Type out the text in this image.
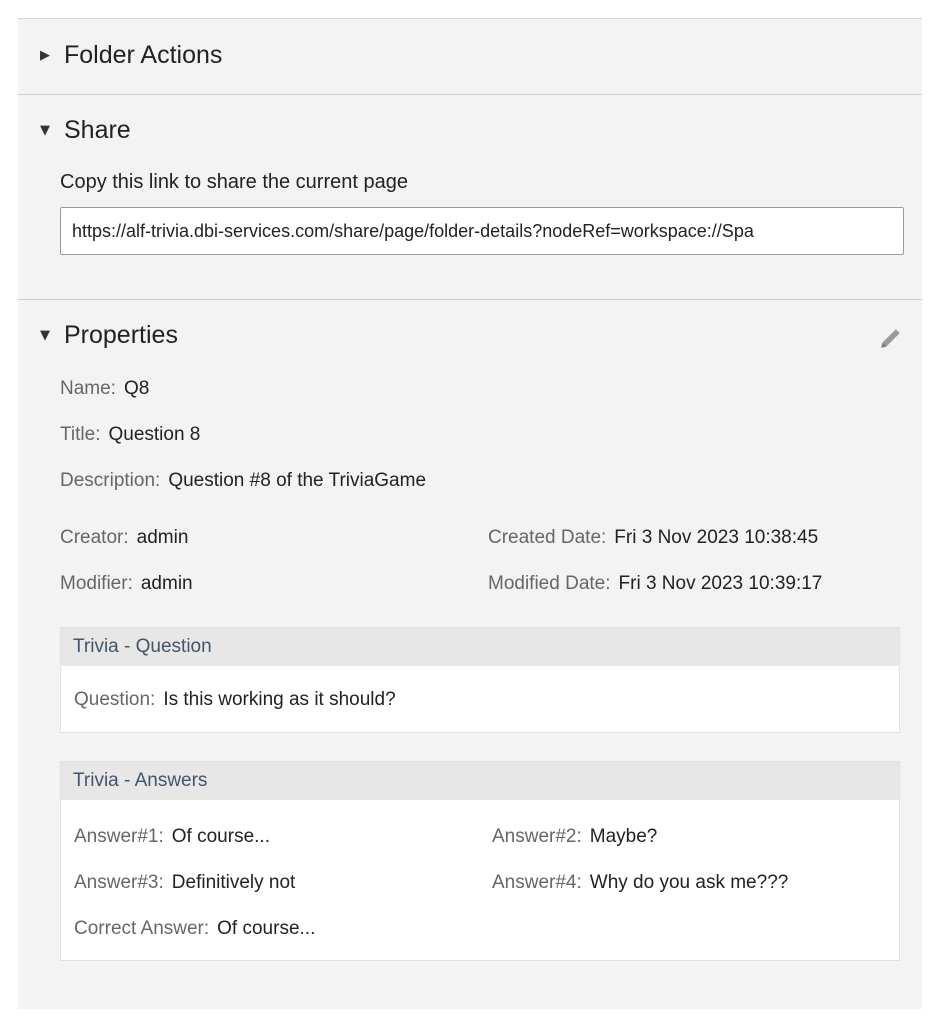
▶ Folder Actions
▼ Share
Copy this link to share the current page
https://alf-trivia.dbi-services.com/share/page/folder-details?nodeRef=workspace://Spa
▼ Properties
Name: Q8
Title: Question 8
Description: Question #8 of the TriviaGame
Creator: admin	Created Date: Fri 3 Nov 2023 10:38:45
Modifier: admin	Modified Date: Fri 3 Nov 2023 10:39:17
Trivia - Question
Question: Is this working as it should?
Trivia - Answers
Answer#1: Of course...	Answer#2: Maybe?
Answer#3: Definitively not	Answer#4: Why do you ask me???
Correct Answer: Of course...
